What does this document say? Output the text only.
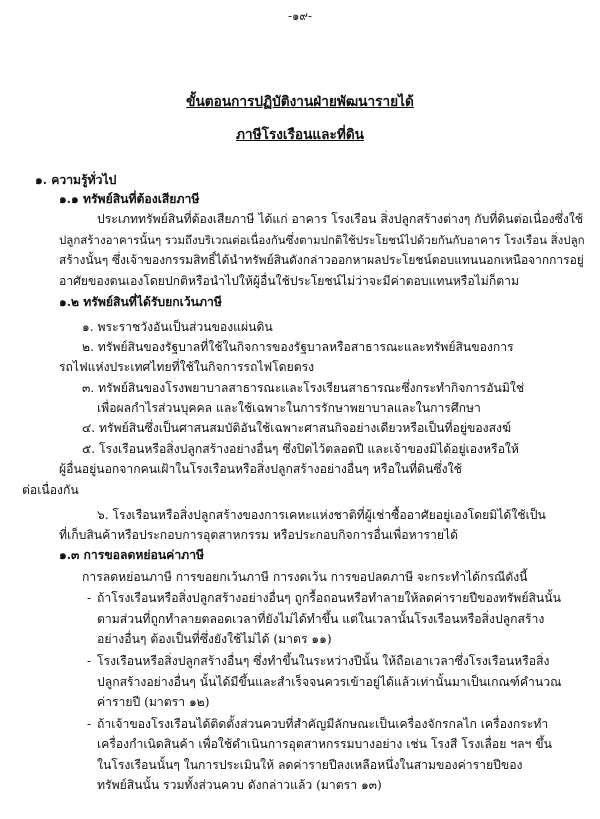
-๑๙-
ขั้นตอนการปฏิบัติงานฝ่ายพัฒนารายได้
ภาษีโรงเรือนและที่ดิน
๑. ความรู้ทั่วไป
๑.๑ ทรัพย์สินที่ต้องเสียภาษี
ประเภททรัพย์สินที่ต้องเสียภาษี ได้แก่ อาคาร โรงเรือน สิ่งปลูกสร้างต่างๆ กับที่ดินต่อเนื่องซึ่งใช้
ปลูกสร้างอาคารนั้นๆ รวมถึงบริเวณต่อเนื่องกันซึ่งตามปกติใช้ประโยชน์ไปด้วยกันกับอาคาร โรงเรือน สิ่งปลูก
สร้างนั้นๆ ซึ่งเจ้าของกรรมสิทธิ์ได้นำทรัพย์สินดังกล่าวออกหาผลประโยชน์ตอบแทนนอกเหนือจากการอยู่
อาศัยของตนเองโดยปกติหรือนำไปให้ผู้อื่นใช้ประโยชน์ไม่ว่าจะมีค่าตอบแทนหรือไม่ก็ตาม
๑.๒ ทรัพย์สินที่ได้รับยกเว้นภาษี
๑. พระราชวังอันเป็นส่วนของแผ่นดิน
๒. ทรัพย์สินของรัฐบาลที่ใช้ในกิจการของรัฐบาลหรือสาธารณะและทรัพย์สินของการ
รถไฟแห่งประเทศไทยที่ใช้ในกิจการรถไฟโดยตรง
๓. ทรัพย์สินของโรงพยาบาลสาธารณะและโรงเรียนสาธารณะซึ่งกระทำกิจการอันมิใช่
เพื่อผลกำไรส่วนบุคคล และใช้เฉพาะในการรักษาพยาบาลและในการศึกษา
๔. ทรัพย์สินซึ่งเป็นศาสนสมบัติอันใช้เฉพาะศาสนกิจอย่างเดียวหรือเป็นที่อยู่ของสงฆ์
๕. โรงเรือนหรือสิ่งปลูกสร้างอย่างอื่นๆ ซึ่งปิดไว้ตลอดปี และเจ้าของมิได้อยู่เองหรือให้
ผู้อื่นอยู่นอกจากคนเฝ้าในโรงเรือนหรือสิ่งปลูกสร้างอย่างอื่นๆ หรือในที่ดินซึ่งใช้
ต่อเนื่องกัน
๖. โรงเรือนหรือสิ่งปลูกสร้างของการเคหะแห่งชาติที่ผู้เช่าซื้ออาศัยอยู่เองโดยมิได้ใช้เป็น
ที่เก็บสินค้าหรือประกอบการอุตสาหกรรม หรือประกอบกิจการอื่นเพื่อหารายได้
๑.๓ การขอลดหย่อนค่าภาษี
การลดหย่อนภาษี การขอยกเว้นภาษี การงดเว้น การขอปลดภาษี จะกระทำได้กรณีดังนี้
- ถ้าโรงเรือนหรือสิ่งปลูกสร้างอย่างอื่นๆ ถูกรื้อถอนหรือทำลายให้ลดค่ารายปีของทรัพย์สินนั้น
ตามส่วนที่ถูกทำลายตลอดเวลาที่ยังไม่ได้ทำขึ้น แต่ในเวลานั้นโรงเรือนหรือสิ่งปลูกสร้าง
อย่างอื่นๆ ต้องเป็นที่ซึ่งยังใช้ไม่ได้ (มาตร ๑๑)
- โรงเรือนหรือสิ่งปลูกสร้างอื่นๆ ซึ่งทำขึ้นในระหว่างปีนั้น ให้ถือเอาเวลาซึ่งโรงเรือนหรือสิ่ง
ปลูกสร้างอย่างอื่นๆ นั้นได้มีขึ้นและสำเร็จจนควรเข้าอยู่ได้แล้วเท่านั้นมาเป็นเกณฑ์คำนวณ
ค่ารายปี (มาตรา ๑๒)
- ถ้าเจ้าของโรงเรือนได้ติดตั้งส่วนควบที่สำคัญมีลักษณะเป็นเครื่องจักรกลไก เครื่องกระทำ
เครื่องกำเนิดสินค้า เพื่อใช้ดำเนินการอุตสาหกรรมบางอย่าง เช่น โรงสี โรงเลื่อย ฯลฯ ขึ้น
ในโรงเรือนนั้นๆ ในการประเมินให้ ลดค่ารายปีลงเหลือหนึ่งในสามของค่ารายปีของ
ทรัพย์สินนั้น รวมทั้งส่วนควบ ดังกล่าวแล้ว (มาตรา ๑๓)
